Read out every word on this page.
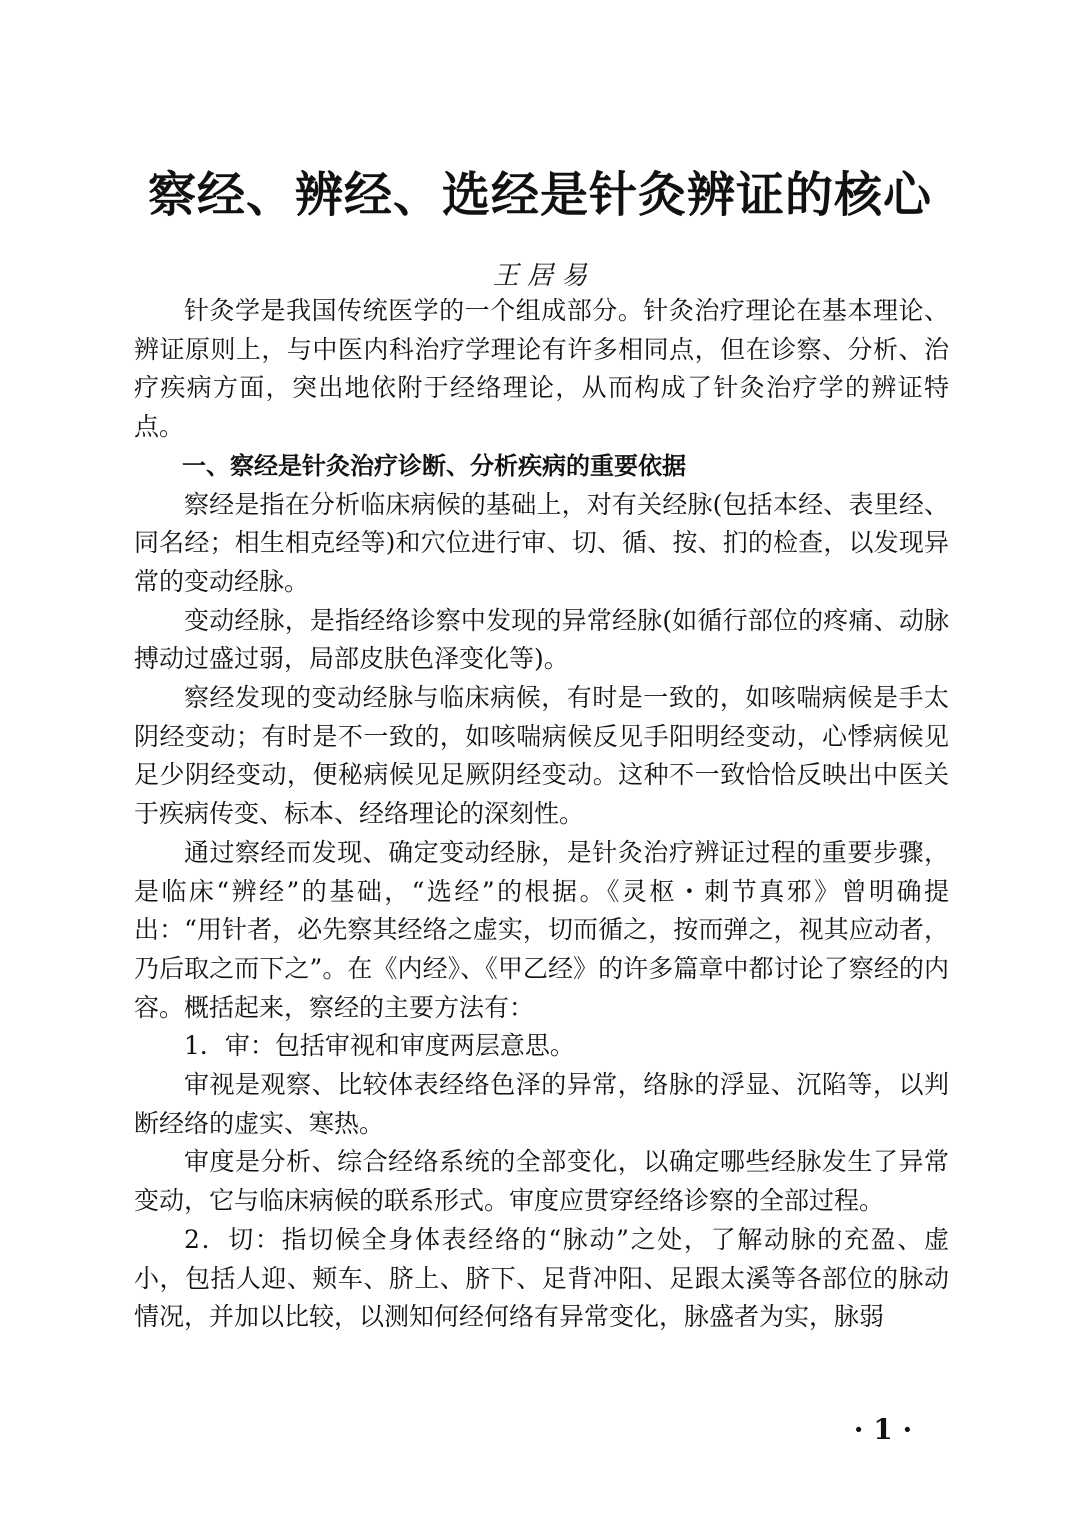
察经、辨经、选经是针灸辨证的核心
王 居 易

针灸学是我国传统医学的一个组成部分。针灸治疗理论在基本理论、辨证原则上，与中医内科治疗学理论有许多相同点，但在诊察、分析、治疗疾病方面，突出地依附于经络理论，从而构成了针灸治疗学的辨证特点。

一、察经是针灸治疗诊断、分析疾病的重要依据

察经是指在分析临床病候的基础上，对有关经脉(包括本经、表里经、同名经；相生相克经等)和穴位进行审、切、循、按、扪的检查，以发现异常的变动经脉。

变动经脉，是指经络诊察中发现的异常经脉(如循行部位的疼痛、动脉搏动过盛过弱，局部皮肤色泽变化等)。

察经发现的变动经脉与临床病候，有时是一致的，如咳喘病候是手太阴经变动；有时是不一致的，如咳喘病候反见手阳明经变动，心悸病候见足少阴经变动，便秘病候见足厥阴经变动。这种不一致恰恰反映出中医关于疾病传变、标本、经络理论的深刻性。

通过察经而发现、确定变动经脉，是针灸治疗辨证过程的重要步骤，是临床“辨经”的基础，“选经”的根据。《灵枢・刺节真邪》曾明确提出：“用针者，必先察其经络之虚实，切而循之，按而弹之，视其应动者，乃后取之而下之”。在《内经》、《甲乙经》的许多篇章中都讨论了察经的内容。概括起来，察经的主要方法有：

1．审：包括审视和审度两层意思。

审视是观察、比较体表经络色泽的异常，络脉的浮显、沉陷等，以判断经络的虚实、寒热。

审度是分析、综合经络系统的全部变化，以确定哪些经脉发生了异常变动，它与临床病候的联系形式。审度应贯穿经络诊察的全部过程。

2．切：指切候全身体表经络的“脉动”之处，了解动脉的充盈、虚小，包括人迎、颊车、脐上、脐下、足背冲阳、足跟太溪等各部位的脉动情况，并加以比较，以测知何经何络有异常变化，脉盛者为实，脉弱

· 1 ·
